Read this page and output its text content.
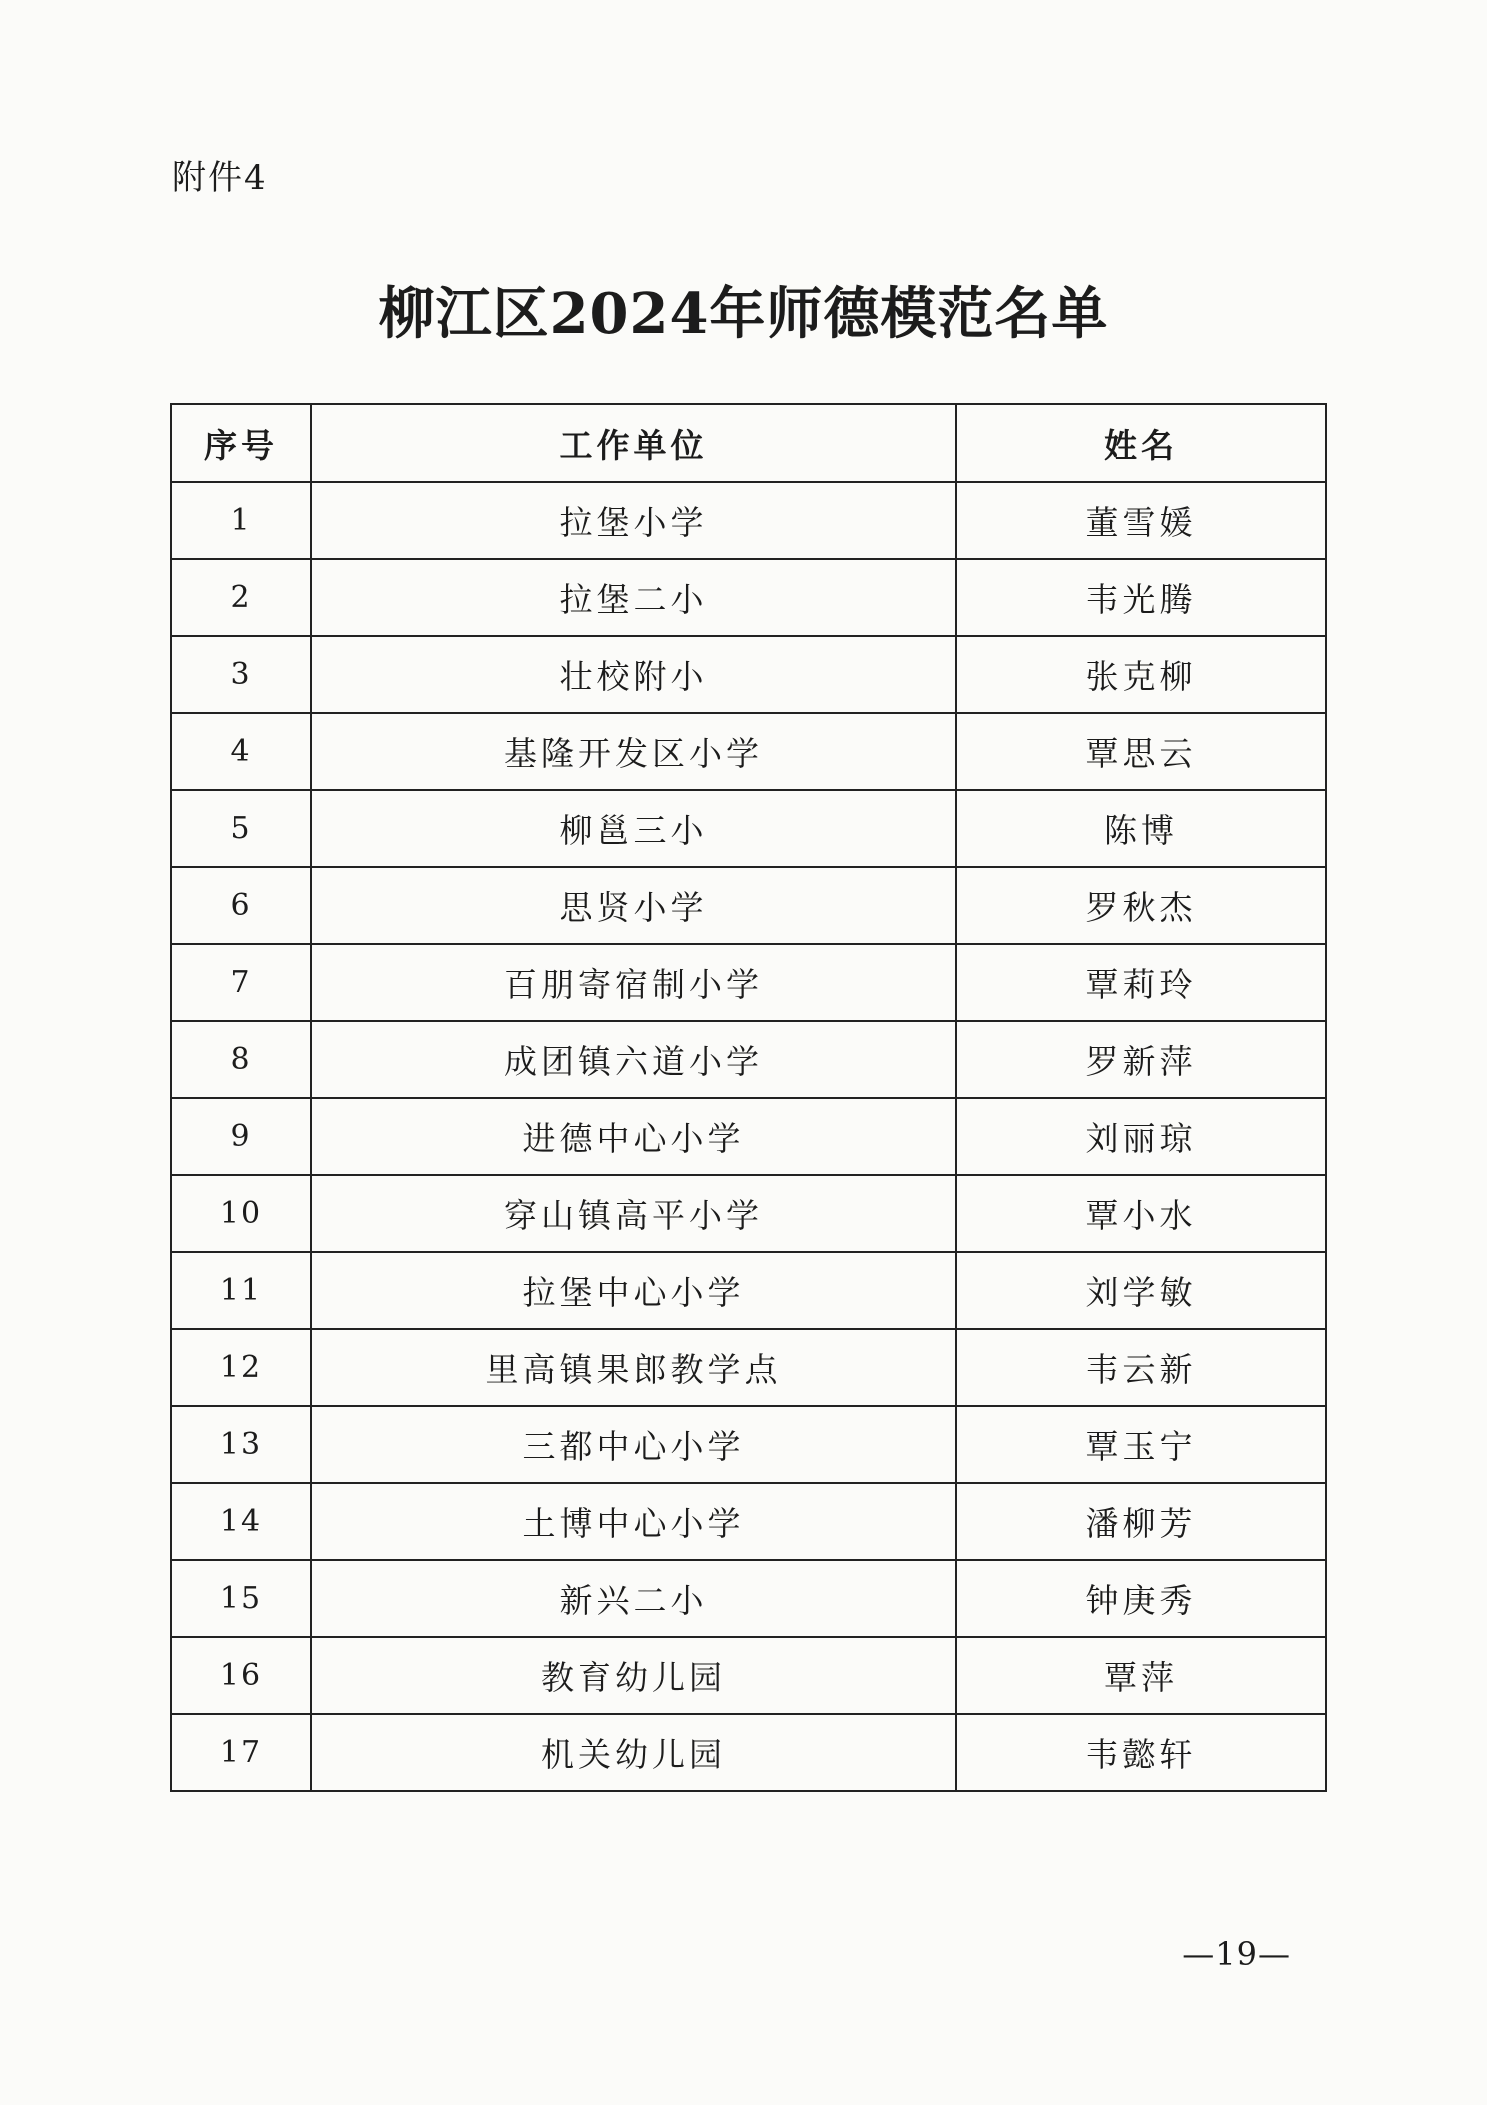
附件4
柳江区2024年师德模范名单
序号	工作单位	姓名
1	拉堡小学	董雪媛
2	拉堡二小	韦光腾
3	壮校附小	张克柳
4	基隆开发区小学	覃思云
5	柳邕三小	陈博
6	思贤小学	罗秋杰
7	百朋寄宿制小学	覃莉玲
8	成团镇六道小学	罗新萍
9	进德中心小学	刘丽琼
10	穿山镇高平小学	覃小水
11	拉堡中心小学	刘学敏
12	里高镇果郎教学点	韦云新
13	三都中心小学	覃玉宁
14	土博中心小学	潘柳芳
15	新兴二小	钟庚秀
16	教育幼儿园	覃萍
17	机关幼儿园	韦懿轩
—19—
